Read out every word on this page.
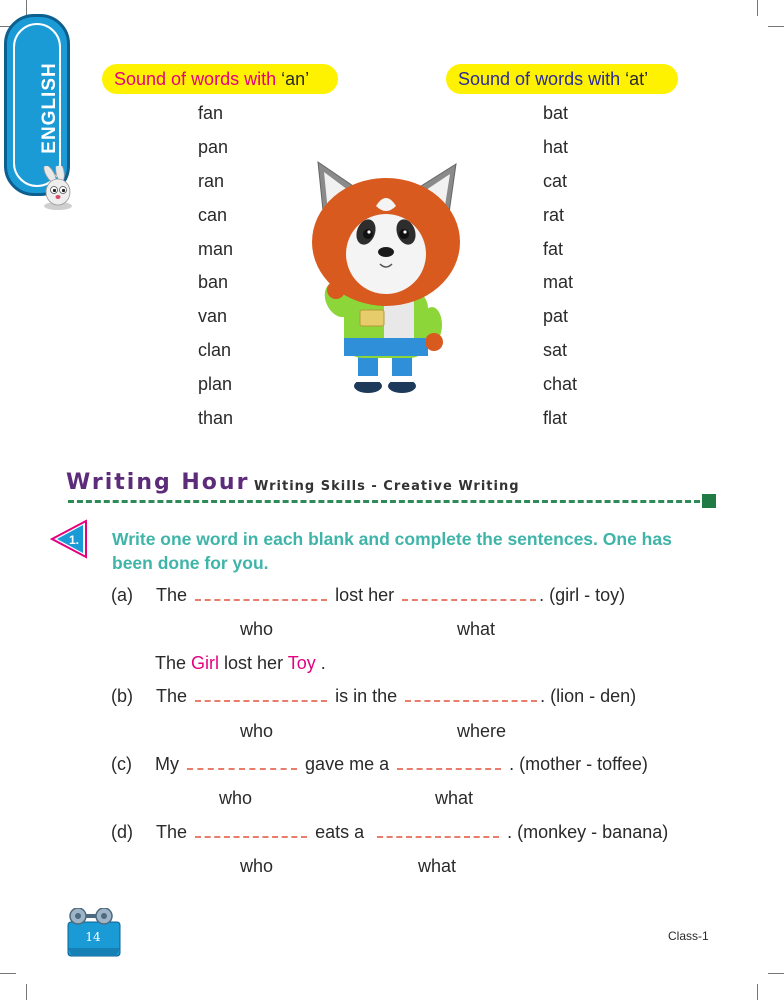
ENGLISH	Sound of words with ‘an’	Sound of words with ‘at’
fan
pan
ran
can
man
ban
van
clan
plan
than
bat
hat
cat
rat
fat
mat
pat
sat
chat
flat
Writing Hour Writing Skills - Creative Writing
1. Write one word in each blank and complete the sentences. One has been done for you.
(a) The	lost her	. (girl - toy)
who	what
The Girl lost her Toy .
(b) The	is in the	. (lion - den)
who	where
(c) My	gave me a	. (mother - toffee)
who	what
(d) The	eats a	. (monkey - banana)
who	what
14	Class-1
